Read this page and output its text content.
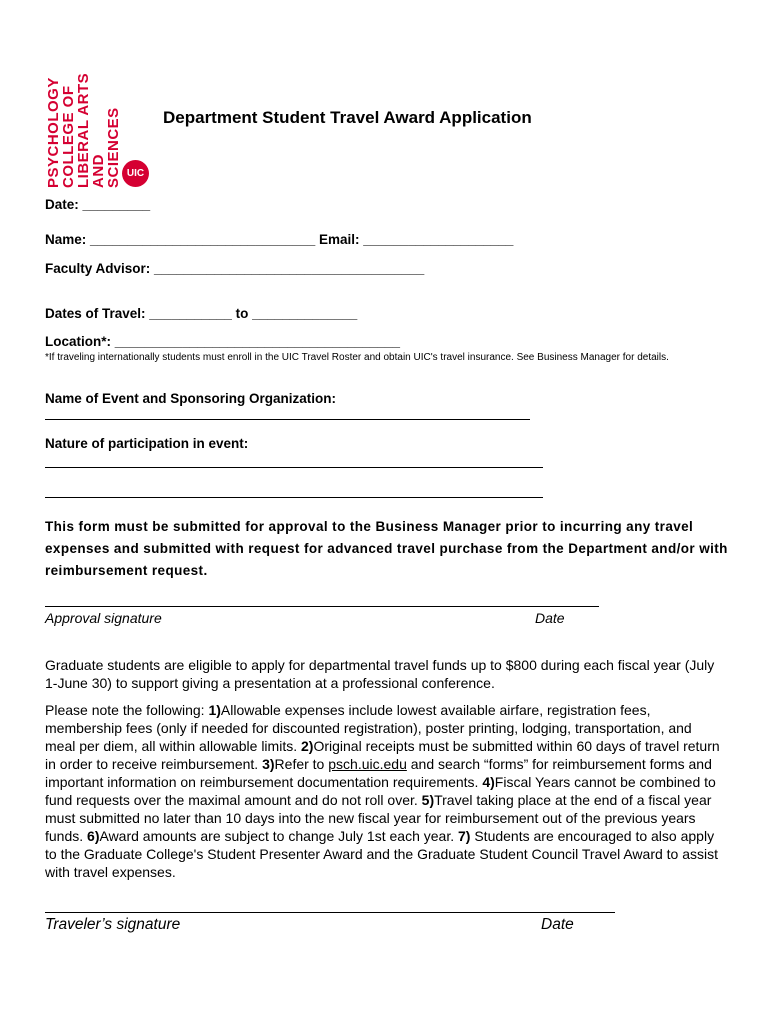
PSYCHOLOGY
COLLEGE OF
LIBERAL ARTS
AND
SCIENCES UIC
Department Student Travel Award Application
Date: _________
Name: ______________________________ Email: ____________________
Faculty Advisor: ____________________________________
Dates of Travel: ___________ to ______________
Location*: ______________________________________
*If traveling internationally students must enroll in the UIC Travel Roster and obtain UIC's travel insurance. See Business Manager for details.
Name of Event and Sponsoring Organization:
Nature of participation in event:
This form must be submitted for approval to the Business Manager prior to incurring any travel expenses and submitted with request for advanced travel purchase from the Department and/or with reimbursement request.
Approval signature	Date
Graduate students are eligible to apply for departmental travel funds up to $800 during each fiscal year (July 1-June 30) to support giving a presentation at a professional conference.
Please note the following: 1)Allowable expenses include lowest available airfare, registration fees, membership fees (only if needed for discounted registration), poster printing, lodging, transportation, and meal per diem, all within allowable limits. 2)Original receipts must be submitted within 60 days of travel return in order to receive reimbursement. 3)Refer to psch.uic.edu and search “forms” for reimbursement forms and important information on reimbursement documentation requirements. 4)Fiscal Years cannot be combined to fund requests over the maximal amount and do not roll over. 5)Travel taking place at the end of a fiscal year must submitted no later than 10 days into the new fiscal year for reimbursement out of the previous years funds. 6)Award amounts are subject to change July 1st each year. 7) Students are encouraged to also apply to the Graduate College's Student Presenter Award and the Graduate Student Council Travel Award to assist with travel expenses.
Traveler’s signature	Date
